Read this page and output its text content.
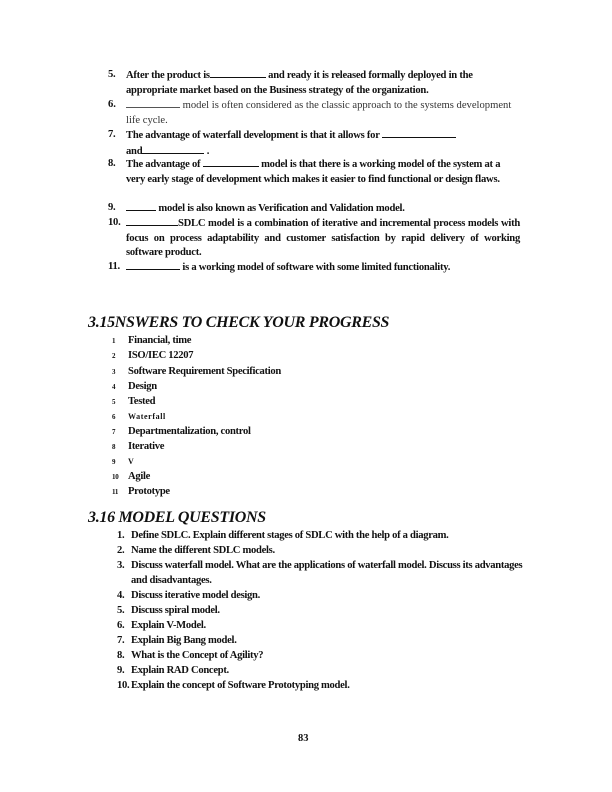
5. After the product is	and ready it is released formally deployed in the appropriate market based on the Business strategy of the organization.
6.	model is often considered as the classic approach to the systems development life cycle.
7. The advantage of waterfall development is that it allows for
and	.
8. The advantage of	model is that there is a working model of the system at a very early stage of development which makes it easier to find functional or design flaws.
9.	model is also known as Verification and Validation model.
10.	SDLC model is a combination of iterative and incremental process models with focus on process adaptability and customer satisfaction by rapid delivery of working software product.
11.	is a working model of software with some limited functionality.
3.15NSWERS TO CHECK YOUR PROGRESS
1 Financial, time
2 ISO/IEC 12207
3 Software Requirement Specification
4 Design
5 Tested
6 Waterfall
7 Departmentalization, control
8 Iterative
9 V
10 Agile
11 Prototype
3.16 MODEL QUESTIONS
1. Define SDLC. Explain different stages of SDLC with the help of a diagram.
2. Name the different SDLC models.
3. Discuss waterfall model. What are the applications of waterfall model. Discuss its advantages and disadvantages.
4. Discuss iterative model design.
5. Discuss spiral model.
6. Explain V-Model.
7. Explain Big Bang model.
8. What is the Concept of Agility?
9. Explain RAD Concept.
10. Explain the concept of Software Prototyping model.
83
